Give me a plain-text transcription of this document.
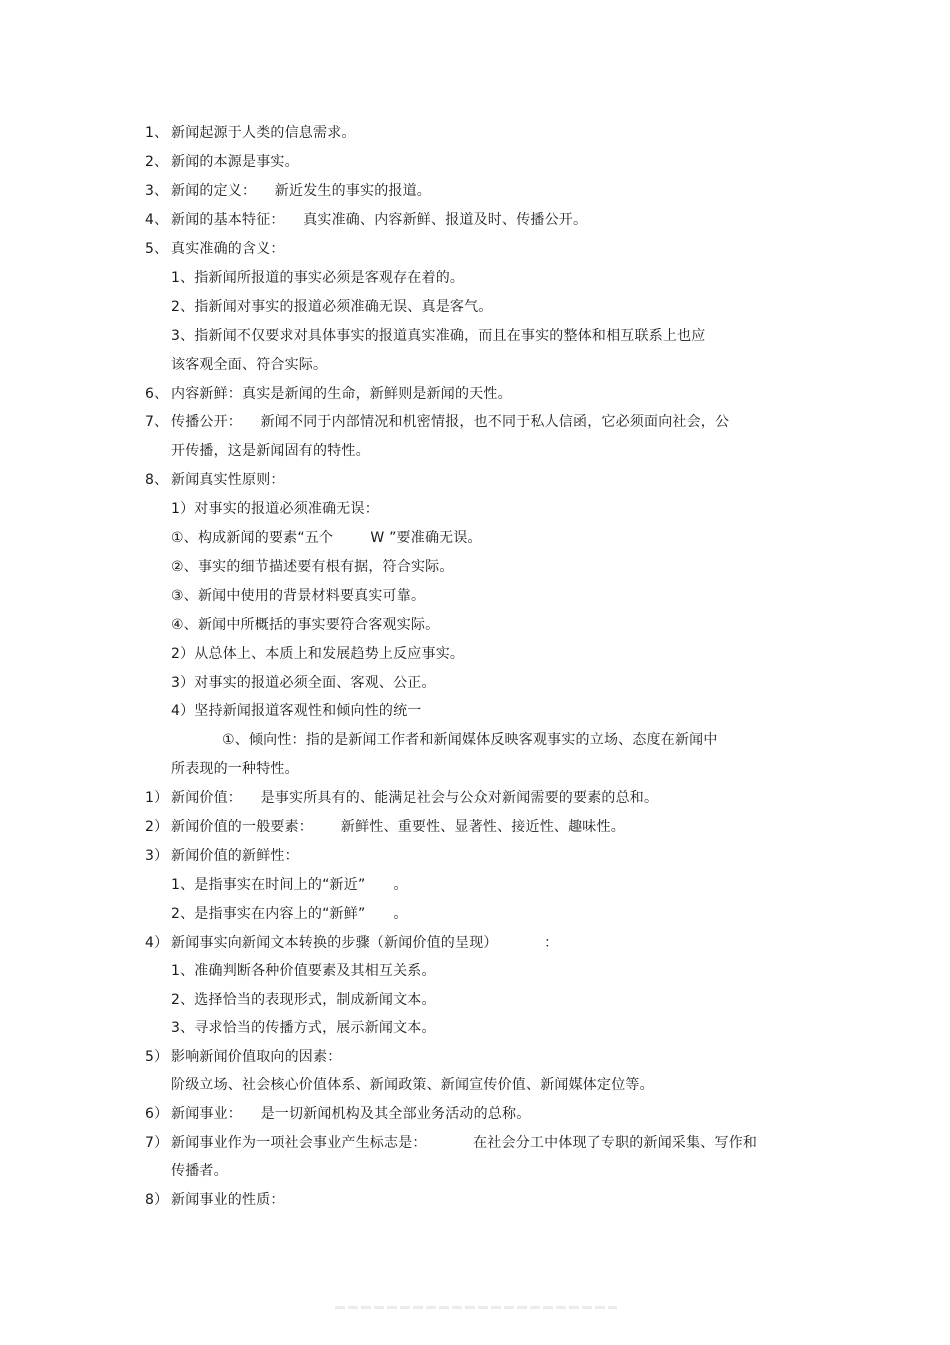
1、 新闻起源于人类的信息需求。
2、 新闻的本源是事实。
3、 新闻的定义：    新近发生的事实的报道。
4、 新闻的基本特征：    真实准确、内容新鲜、报道及时、传播公开。
5、 真实准确的含义：
1、指新闻所报道的事实必须是客观存在着的。
2、指新闻对事实的报道必须准确无误、真是客气。
3、指新闻不仅要求对具体事实的报道真实准确，而且在事实的整体和相互联系上也应
该客观全面、符合实际。
6、 内容新鲜：真实是新闻的生命，新鲜则是新闻的天性。
7、 传播公开：    新闻不同于内部情况和机密情报，也不同于私人信函，它必须面向社会，公
开传播，这是新闻固有的特性。
8、 新闻真实性原则：
1）对事实的报道必须准确无误：
①、构成新闻的要素“五个        W ”要准确无误。
②、事实的细节描述要有根有据，符合实际。
③、新闻中使用的背景材料要真实可靠。
④、新闻中所概括的事实要符合客观实际。
2）从总体上、本质上和发展趋势上反应事实。
3）对事实的报道必须全面、客观、公正。
4）坚持新闻报道客观性和倾向性的统一
①、倾向性：指的是新闻工作者和新闻媒体反映客观事实的立场、态度在新闻中
所表现的一种特性。
1） 新闻价值：    是事实所具有的、能满足社会与公众对新闻需要的要素的总和。
2） 新闻价值的一般要素：      新鲜性、重要性、显著性、接近性、趣味性。
3） 新闻价值的新鲜性：
1、是指事实在时间上的“新近”      。
2、是指事实在内容上的“新鲜”      。
4） 新闻事实向新闻文本转换的步骤（新闻价值的呈现）          ：
1、准确判断各种价值要素及其相互关系。
2、选择恰当的表现形式，制成新闻文本。
3、寻求恰当的传播方式，展示新闻文本。
5） 影响新闻价值取向的因素：
阶级立场、社会核心价值体系、新闻政策、新闻宣传价值、新闻媒体定位等。
6） 新闻事业：    是一切新闻机构及其全部业务活动的总称。
7） 新闻事业作为一项社会事业产生标志是：          在社会分工中体现了专职的新闻采集、写作和
传播者。
8） 新闻事业的性质：
